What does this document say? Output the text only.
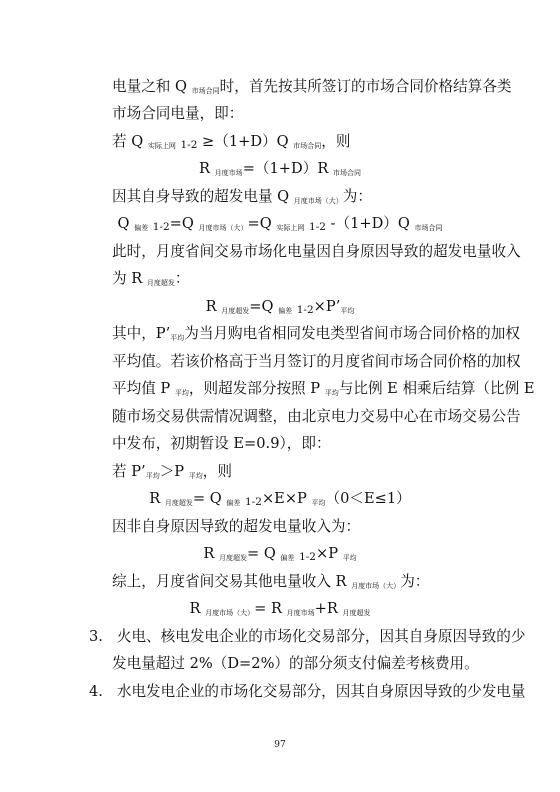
电量之和 Q 市场合同时，首先按其所签订的市场合同价格结算各类
市场合同电量，即：
若 Q 实际上网 1-2 ≥（1+D）Q 市场合同，则
R 月度市场=（1+D）R 市场合同
因其自身导致的超发电量 Q 月度市场（大）为：
Q 偏差 1-2=Q 月度市场（大）=Q 实际上网 1-2 -（1+D）Q 市场合同
此时，月度省间交易市场化电量因自身原因导致的超发电量收入
为 R 月度超发：
R 月度超发=Q 偏差 1-2×P’平均
其中，P’平均为当月购电省相同发电类型省间市场合同价格的加权
平均值。若该价格高于当月签订的月度省间市场合同价格的加权
平均值 P 平均，则超发部分按照 P 平均与比例 E 相乘后结算（比例 E
随市场交易供需情况调整，由北京电力交易中心在市场交易公告
中发布，初期暂设 E=0.9），即：
若 P’平均＞P 平均，则
R 月度超发= Q 偏差 1-2×E×P 平均（0＜E≤1）
因非自身原因导致的超发电量收入为：
R 月度超发= Q 偏差 1-2×P 平均
综上，月度省间交易其他电量收入 R 月度市场（大）为：
R 月度市场（大）= R 月度市场+R 月度超发
3. 火电、核电发电企业的市场化交易部分，因其自身原因导致的少
发电量超过 2%（D=2%）的部分须支付偏差考核费用。
4. 水电发电企业的市场化交易部分，因其自身原因导致的少发电量
97
